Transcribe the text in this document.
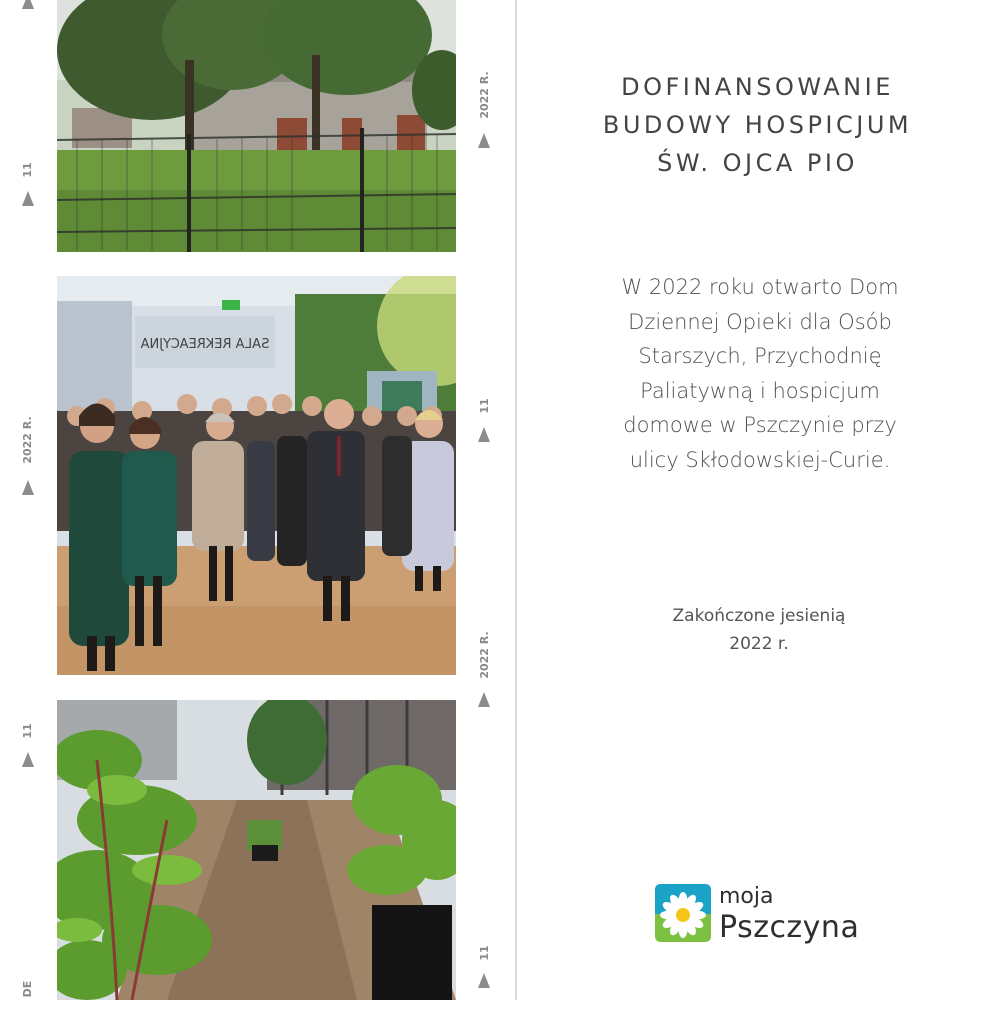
SALA REKREACYJNA
11
2022 R.
2022 R.
11
2022 R.
11
11
DE
DOFINANSOWANIE
BUDOWY HOSPICJUM
ŚW. OJCA PIO
W 2022 roku otwarto Dom
Dziennej Opieki dla Osób
Starszych, Przychodnię
Paliatywną i hospicjum
domowe w Pszczynie przy
ulicy Skłodowskiej-Curie.
Zakończone jesienią
2022 r.
moja
Pszczyna
